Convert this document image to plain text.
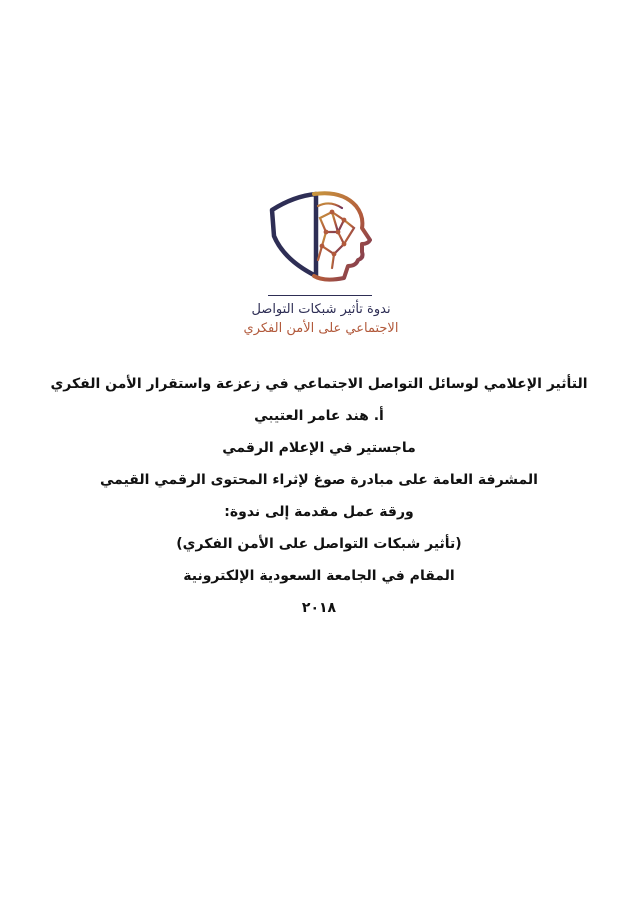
ندوة تأثير شبكات التواصل
الاجتماعي على الأمن الفكري
التأثير الإعلامي لوسائل التواصل الاجتماعي في زعزعة واستقرار الأمن الفكري
أ. هند عامر العتيبي
ماجستير في الإعلام الرقمي
المشرفة العامة على مبادرة صوغ لإثراء المحتوى الرقمي القيمي
ورقة عمل مقدمة إلى ندوة:
(تأثير شبكات التواصل على الأمن الفكري)
المقام في الجامعة السعودية الإلكترونية
٢٠١٨
